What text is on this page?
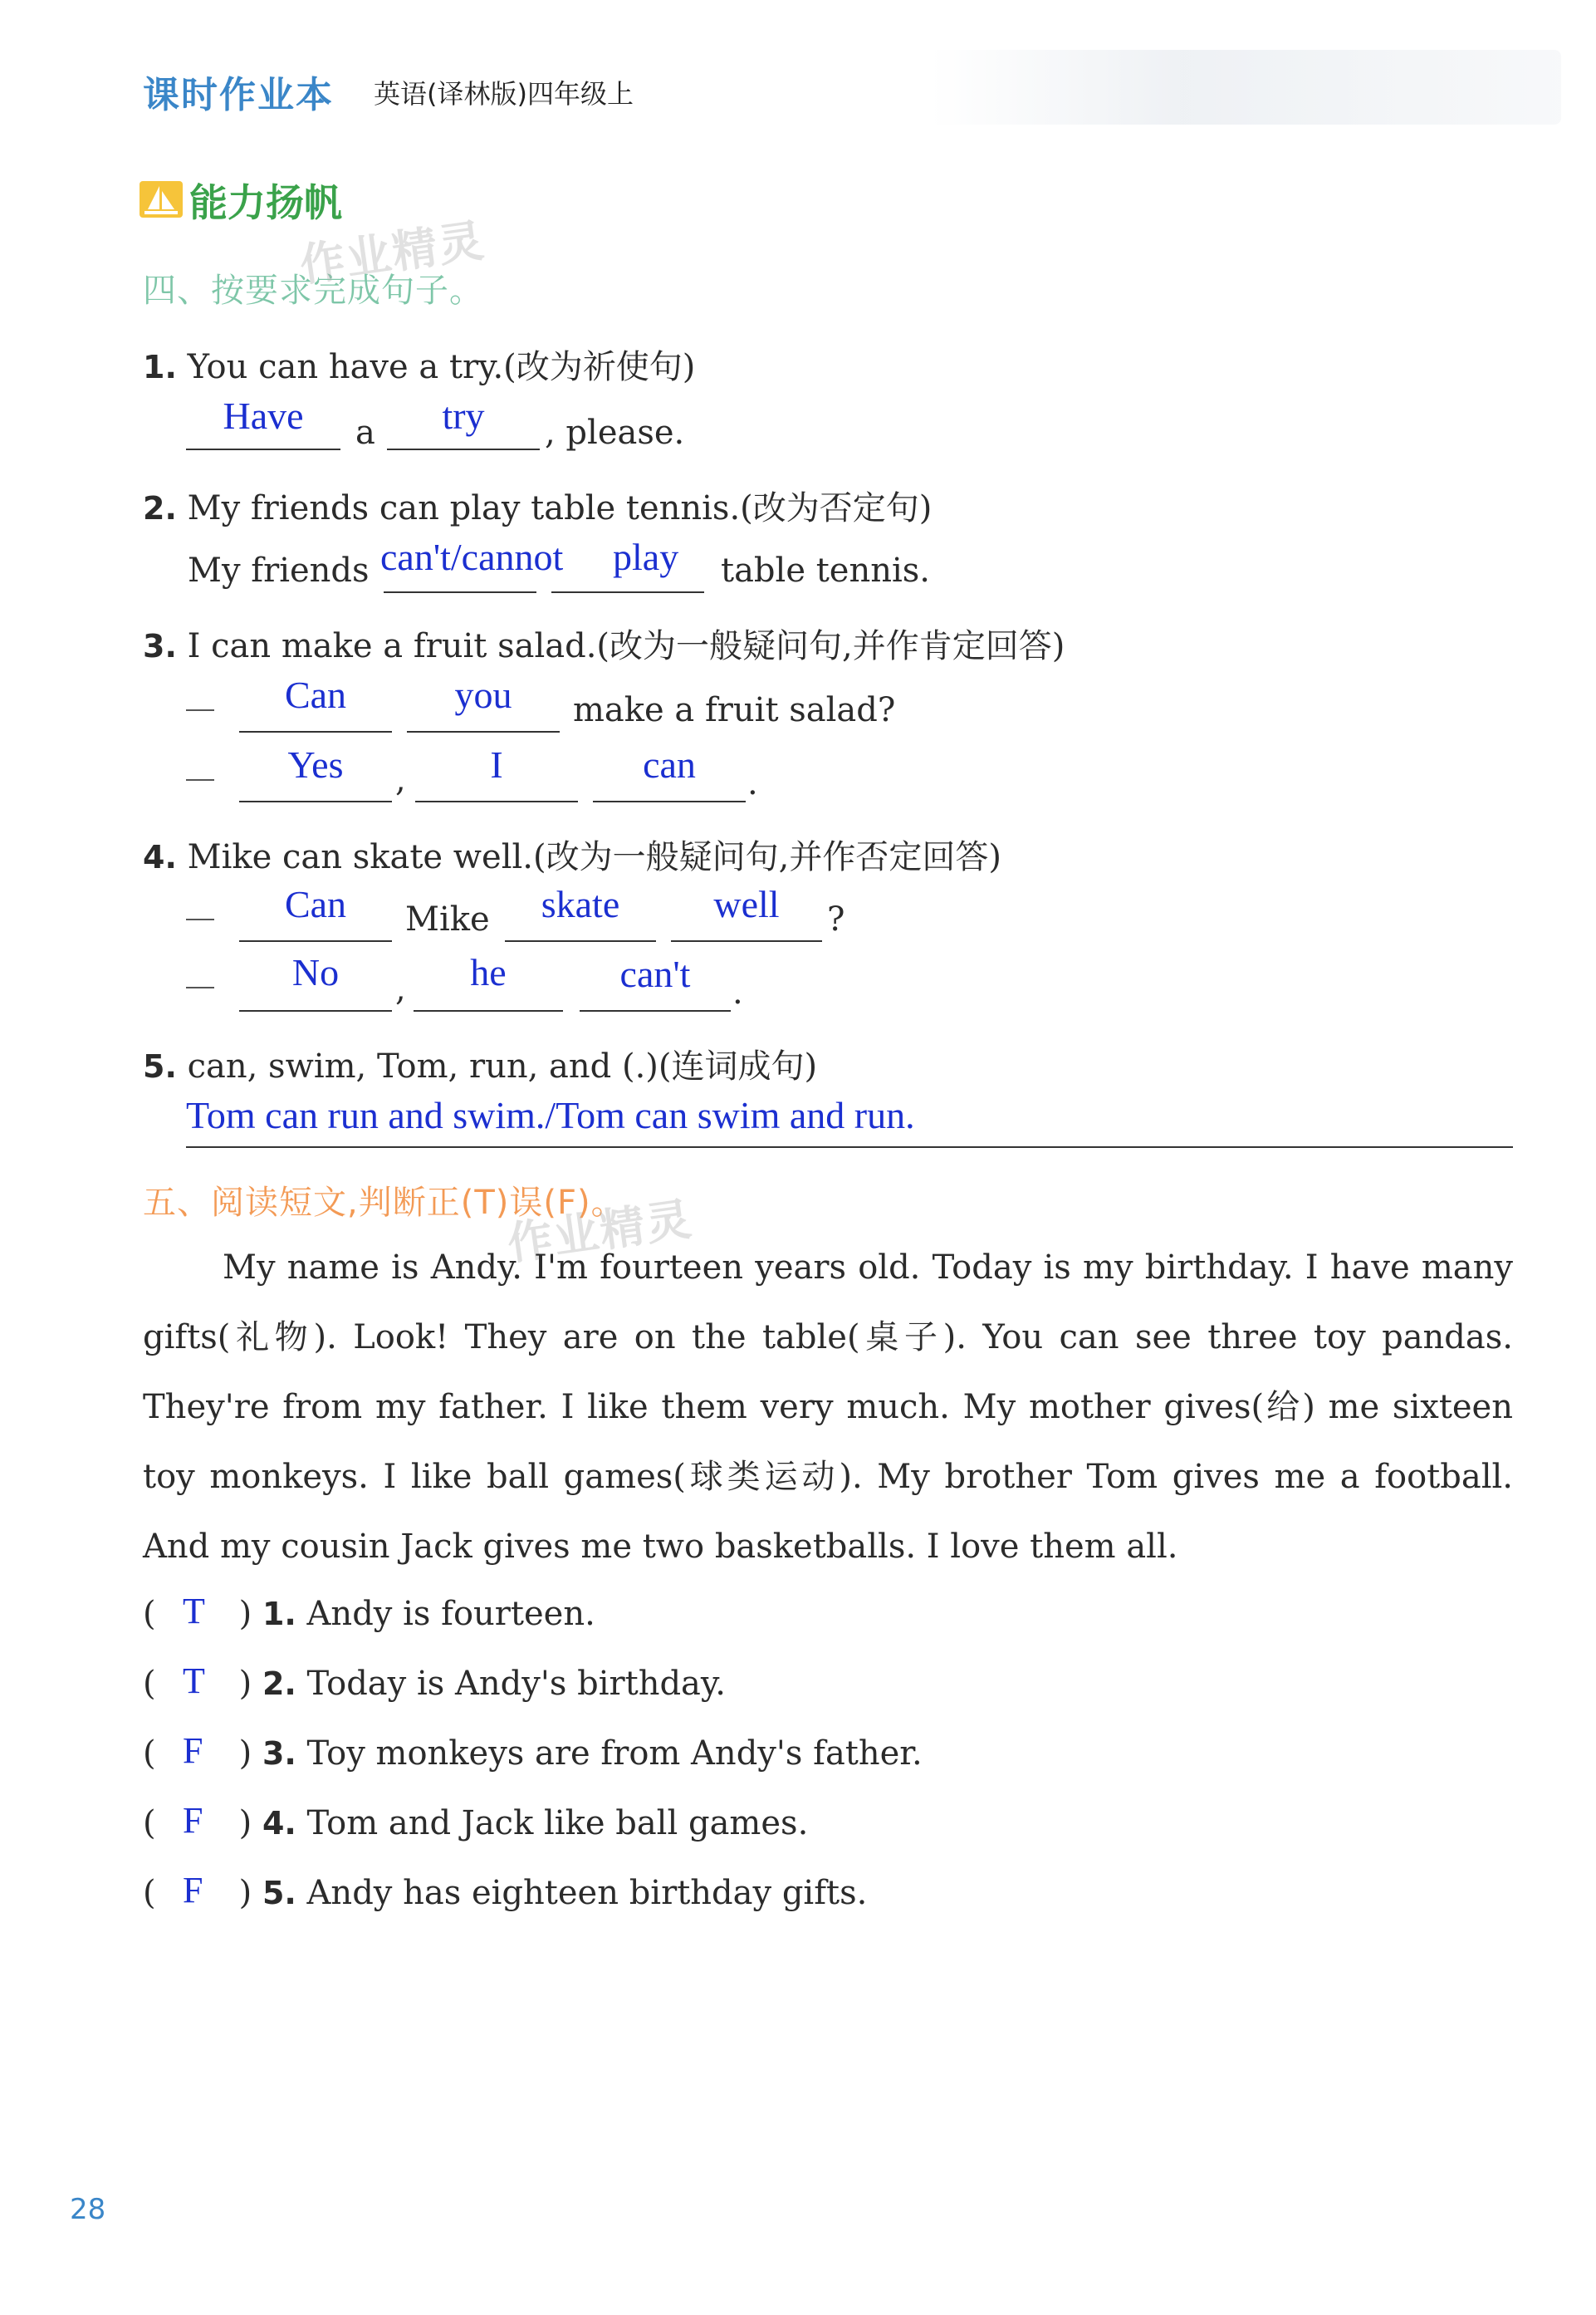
课时作业本 英语(译林版)四年级上
能力扬帆
四、按要求完成句子。
作业精灵
1. You can have a try.(改为祈使句)
Have	a	try	, please.
2. My friends can play table tennis.(改为否定句)
My friends can't/cannot	play	table tennis.
3. I can make a fruit salad.(改为一般疑问句,并作肯定回答)
Can	you	make a fruit salad?
Yes	,	I	can	.
4. Mike can skate well.(改为一般疑问句,并作否定回答)
Can	Mike	skate	well	?
No	,	he	can't	.
5. can, swim, Tom, run, and (.)(连词成句)
Tom can run and swim./Tom can swim and run.
五、阅读短文,判断正(T)误(F)。
作业精灵
My name is Andy. I'm fourteen years old. Today is my birthday. I have many gifts(礼物). Look! They are on the table(桌子). You can see three toy pandas. They're from my father. I like them very much. My mother gives(给) me sixteen toy monkeys. I like ball games(球类运动). My brother Tom gives me a football. And my cousin Jack gives me two basketballs. I love them all.
(	) 1. Andy is fourteen.
T
(	) 2. Today is Andy's birthday.
T
(	) 3. Toy monkeys are from Andy's father.
F
(	) 4. Tom and Jack like ball games.
F
(	) 5. Andy has eighteen birthday gifts.
F
28
